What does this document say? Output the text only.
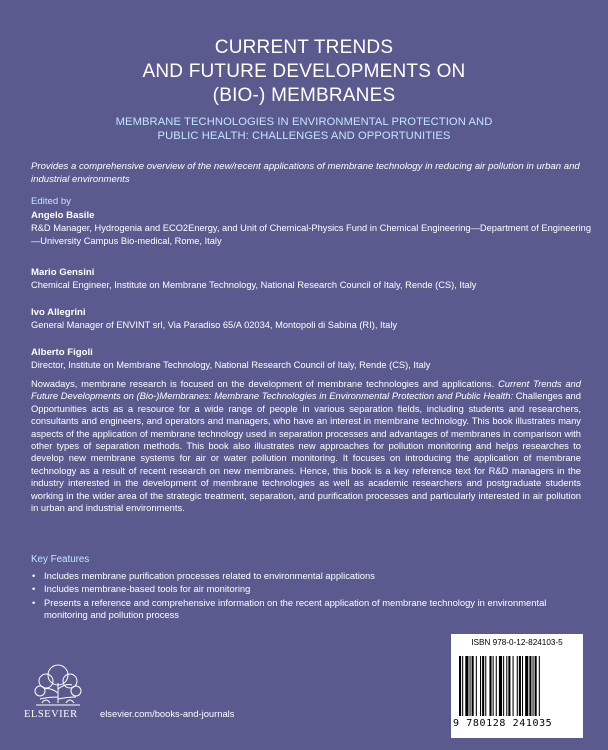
CURRENT TRENDS
AND FUTURE DEVELOPMENTS ON
(BIO-) MEMBRANES
MEMBRANE TECHNOLOGIES IN ENVIRONMENTAL PROTECTION AND
PUBLIC HEALTH: CHALLENGES AND OPPORTUNITIES
Provides a comprehensive overview of the new/recent applications of membrane technology in reducing air pollution in urban and industrial environments
Edited by
Angelo Basile
R&D Manager, Hydrogenia and ECO2Energy, and Unit of Chemical-Physics Fund in Chemical Engineering—Department of Engineering—University Campus Bio-medical, Rome, Italy
Mario Gensini
Chemical Engineer, Institute on Membrane Technology, National Research Council of Italy, Rende (CS), Italy
Ivo Allegrini
General Manager of ENVINT srl, Via Paradiso 65/A 02034, Montopoli di Sabina (RI), Italy
Alberto Figoli
Director, Institute on Membrane Technology, National Research Council of Italy, Rende (CS), Italy
Nowadays, membrane research is focused on the development of membrane technologies and applications. Current Trends and Future Developments on (Bio-)Membranes: Membrane Technologies in Environmental Protection and Public Health: Challenges and Opportunities acts as a resource for a wide range of people in various separation fields, including students and researchers, consultants and engineers, and operators and managers, who have an interest in membrane technology. This book illustrates many aspects of the application of membrane technology used in separation processes and advantages of membranes in comparison with other types of separation methods. This book also illustrates new approaches for pollution monitoring and helps researches to develop new membrane systems for air or water pollution monitoring. It focuses on introducing the application of membrane technology as a result of recent research on new membranes. Hence, this book is a key reference text for R&D managers in the industry interested in the development of membrane technologies as well as academic researchers and postgraduate students working in the wider area of the strategic treatment, separation, and purification processes and particularly interested in air pollution in urban and industrial environments.
Key Features
• Includes membrane purification processes related to environmental applications
• Includes membrane-based tools for air monitoring
• Presents a reference and comprehensive information on the recent application of membrane technology in environmental monitoring and pollution process
ELSEVIER elsevier.com/books-and-journals
ISBN 978-0-12-824103-5
9 780128 241035
